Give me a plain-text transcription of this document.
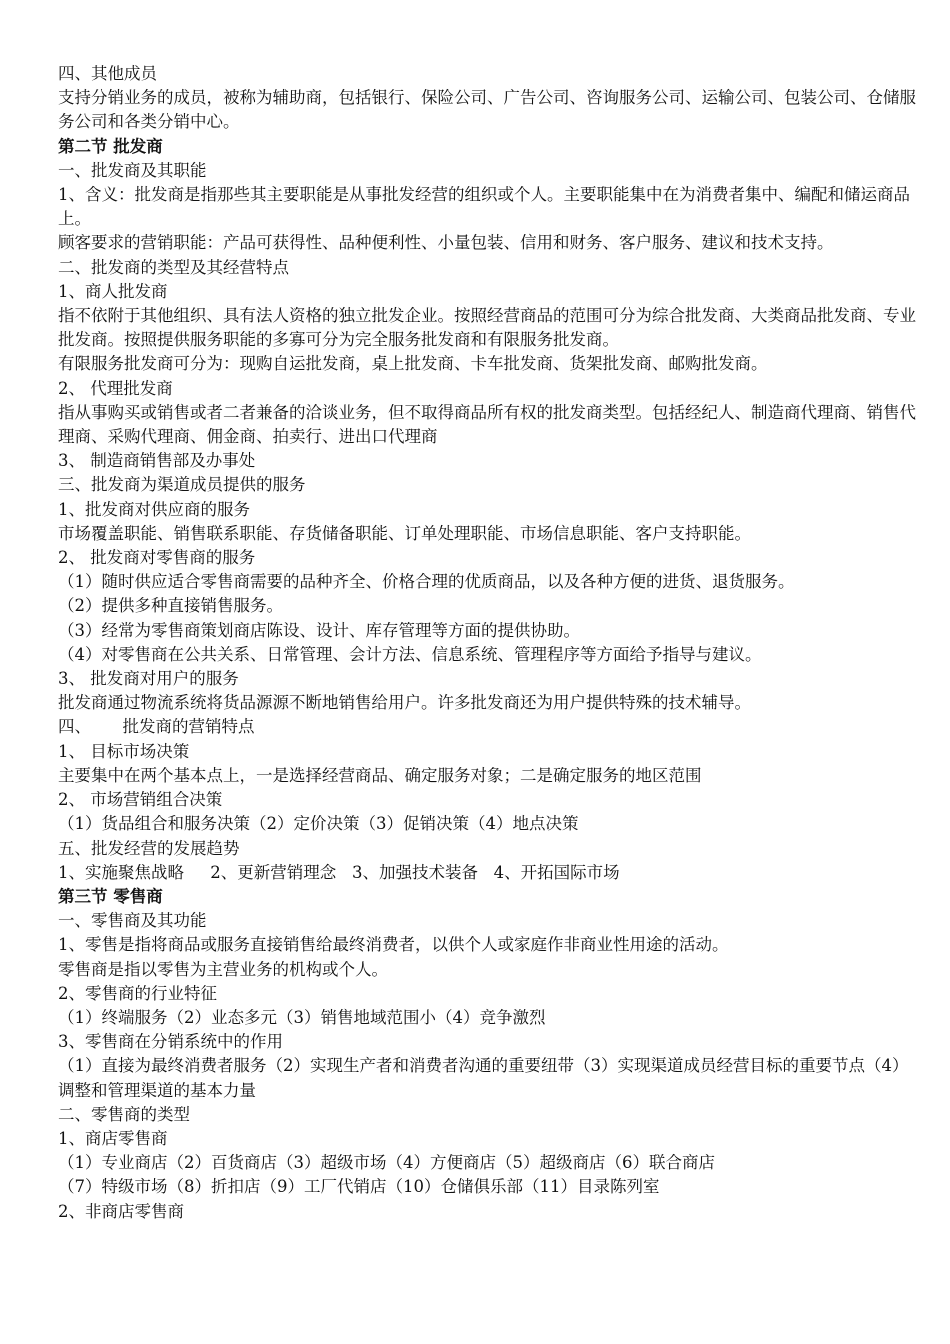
四、其他成员
支持分销业务的成员，被称为辅助商，包括银行、保险公司、广告公司、咨询服务公司、运输公司、包装公司、仓储服务公司和各类分销中心。
第二节 批发商
一、批发商及其职能
1、含义：批发商是指那些其主要职能是从事批发经营的组织或个人。主要职能集中在为消费者集中、编配和储运商品上。
顾客要求的营销职能：产品可获得性、品种便利性、小量包装、信用和财务、客户服务、建议和技术支持。
二、批发商的类型及其经营特点
1、商人批发商
指不依附于其他组织、具有法人资格的独立批发企业。按照经营商品的范围可分为综合批发商、大类商品批发商、专业批发商。按照提供服务职能的多寡可分为完全服务批发商和有限服务批发商。
有限服务批发商可分为：现购自运批发商，桌上批发商、卡车批发商、货架批发商、邮购批发商。
2、 代理批发商
指从事购买或销售或者二者兼备的洽谈业务，但不取得商品所有权的批发商类型。包括经纪人、制造商代理商、销售代理商、采购代理商、佣金商、拍卖行、进出口代理商
3、 制造商销售部及办事处
三、批发商为渠道成员提供的服务
1、批发商对供应商的服务
市场覆盖职能、销售联系职能、存货储备职能、订单处理职能、市场信息职能、客户支持职能。
2、 批发商对零售商的服务
（1）随时供应适合零售商需要的品种齐全、价格合理的优质商品，以及各种方便的进货、退货服务。
（2）提供多种直接销售服务。
（3）经常为零售商策划商店陈设、设计、库存管理等方面的提供协助。
（4）对零售商在公共关系、日常管理、会计方法、信息系统、管理程序等方面给予指导与建议。
3、 批发商对用户的服务
批发商通过物流系统将货品源源不断地销售给用户。许多批发商还为用户提供特殊的技术辅导。
四、      批发商的营销特点
1、 目标市场决策
主要集中在两个基本点上，一是选择经营商品、确定服务对象；二是确定服务的地区范围
2、 市场营销组合决策
（1）货品组合和服务决策（2）定价决策（3）促销决策（4）地点决策
五、批发经营的发展趋势
1、实施聚焦战略     2、更新营销理念   3、加强技术装备   4、开拓国际市场
第三节 零售商
一、零售商及其功能
1、零售是指将商品或服务直接销售给最终消费者，以供个人或家庭作非商业性用途的活动。
零售商是指以零售为主营业务的机构或个人。
2、零售商的行业特征
（1）终端服务（2）业态多元（3）销售地域范围小（4）竞争激烈
3、零售商在分销系统中的作用
（1）直接为最终消费者服务（2）实现生产者和消费者沟通的重要纽带（3）实现渠道成员经营目标的重要节点（4）调整和管理渠道的基本力量
二、零售商的类型
1、商店零售商
（1）专业商店（2）百货商店（3）超级市场（4）方便商店（5）超级商店（6）联合商店
（7）特级市场（8）折扣店（9）工厂代销店（10）仓储俱乐部（11）目录陈列室
2、非商店零售商
